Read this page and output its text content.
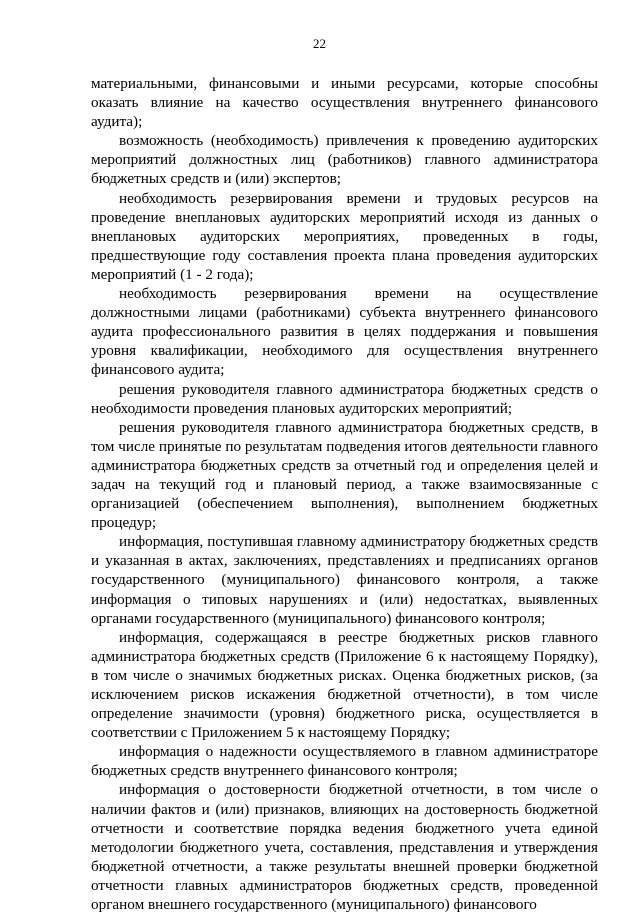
22

материальными, финансовыми и иными ресурсами, которые способны оказать влияние на качество осуществления внутреннего финансового аудита);

возможность (необходимость) привлечения к проведению аудиторских мероприятий должностных лиц (работников) главного администратора бюджетных средств и (или) экспертов;

необходимость резервирования времени и трудовых ресурсов на проведение внеплановых аудиторских мероприятий исходя из данных о внеплановых аудиторских мероприятиях, проведенных в годы, предшествующие году составления проекта плана проведения аудиторских мероприятий (1 - 2 года);

необходимость резервирования времени на осуществление должностными лицами (работниками) субъекта внутреннего финансового аудита профессионального развития в целях поддержания и повышения уровня квалификации, необходимого для осуществления внутреннего финансового аудита;

решения руководителя главного администратора бюджетных средств о необходимости проведения плановых аудиторских мероприятий;

решения руководителя главного администратора бюджетных средств, в том числе принятые по результатам подведения итогов деятельности главного администратора бюджетных средств за отчетный год и определения целей и задач на текущий год и плановый период, а также взаимосвязанные с организацией (обеспечением выполнения), выполнением бюджетных процедур;

информация, поступившая главному администратору бюджетных средств и указанная в актах, заключениях, представлениях и предписаниях органов государственного (муниципального) финансового контроля, а также информация о типовых нарушениях и (или) недостатках, выявленных органами государственного (муниципального) финансового контроля;

информация, содержащаяся в реестре бюджетных рисков главного администратора бюджетных средств (Приложение 6 к настоящему Порядку), в том числе о значимых бюджетных рисках. Оценка бюджетных рисков, (за исключением рисков искажения бюджетной отчетности), в том числе определение значимости (уровня) бюджетного риска, осуществляется в соответствии с Приложением 5 к настоящему Порядку;

информация о надежности осуществляемого в главном администраторе бюджетных средств внутреннего финансового контроля;

информация о достоверности бюджетной отчетности, в том числе о наличии фактов и (или) признаков, влияющих на достоверность бюджетной отчетности и соответствие порядка ведения бюджетного учета единой методологии бюджетного учета, составления, представления и утверждения бюджетной отчетности, а также результаты внешней проверки бюджетной отчетности главных администраторов бюджетных средств, проведенной органом внешнего государственного (муниципального) финансового
